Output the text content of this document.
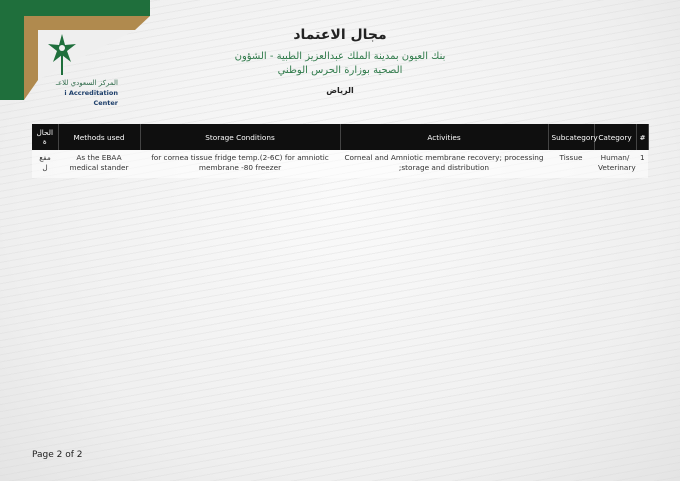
المركز السعودي للاعـ
i Accreditation Center
مجال الاعتماد
بنك العيون بمدينة الملك عبدالعزيز الطبية - الشؤون
الصحية بوزارة الحرس الوطني
الرياض
الحال ة	Methods used	Storage Conditions	Activities	Subcategory	Category	#
مفع ل	As the EBAA medical stander	for cornea tissue fridge temp.(2-6C) for amniotic membrane -80 freezer	Corneal and Amniotic membrane recovery; processing ;storage and distribution	Tissue	Human/ Veterinary	1
Page 2 of 2
